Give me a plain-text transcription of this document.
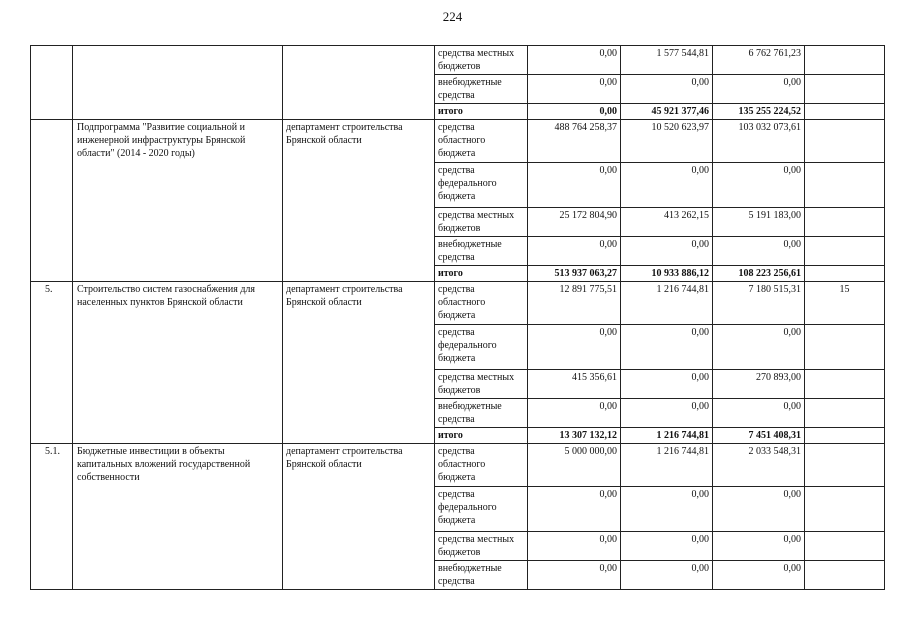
224
			средства местных бюджетов	0,00	1 577 544,81	6 762 761,23	
			внебюджетные средства	0,00	0,00	0,00	
			итого	0,00	45 921 377,46	135 255 224,52	
	Подпрограмма "Развитие социальной и инженерной инфраструктуры Брянской области" (2014 - 2020 годы)	департамент строительства Брянской области	средства областного бюджета	488 764 258,37	10 520 623,97	103 032 073,61	
			средства федерального бюджета	0,00	0,00	0,00	
			средства местных бюджетов	25 172 804,90	413 262,15	5 191 183,00	
			внебюджетные средства	0,00	0,00	0,00	
			итого	513 937 063,27	10 933 886,12	108 223 256,61	
5.	Строительство систем газоснабжения для населенных пунктов Брянской области	департамент строительства Брянской области	средства областного бюджета	12 891 775,51	1 216 744,81	7 180 515,31	15
			средства федерального бюджета	0,00	0,00	0,00	
			средства местных бюджетов	415 356,61	0,00	270 893,00	
			внебюджетные средства	0,00	0,00	0,00	
			итого	13 307 132,12	1 216 744,81	7 451 408,31	
5.1.	Бюджетные инвестиции в объекты капитальных вложений государственной собственности	департамент строительства Брянской области	средства областного бюджета	5 000 000,00	1 216 744,81	2 033 548,31	
			средства федерального бюджета	0,00	0,00	0,00	
			средства местных бюджетов	0,00	0,00	0,00	
			внебюджетные средства	0,00	0,00	0,00	
